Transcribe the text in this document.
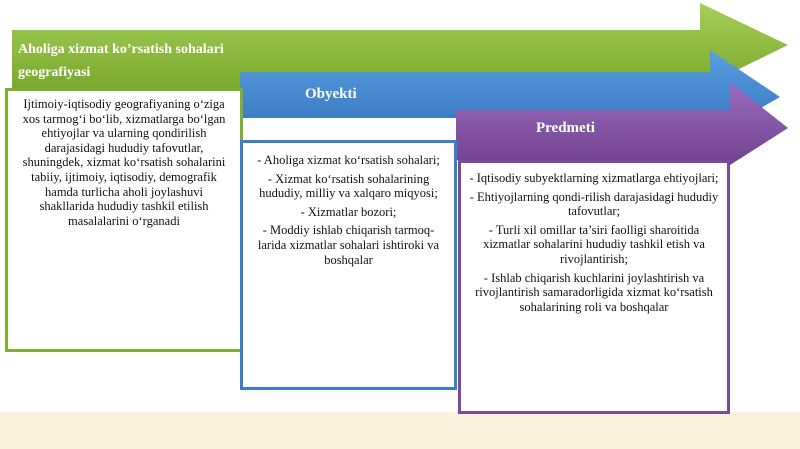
Aholiga xizmat ko’rsatish sohalari geografiyasi
Obyekti
Predmeti

Ijtimoiy-iqtisodiy geografiyaning o‘ziga xos tarmog‘i bo‘lib, xizmatlarga bo‘lgan ehtiyojlar va ularning qondirilish darajasidagi hududiy tafovutlar, shuningdek, xizmat ko‘rsatish sohalarini tabiiy, ijtimoiy, iqtisodiy, demografik hamda turlicha aholi joylashuvi shakllarida hududiy tashkil etilish masalalarini o‘rganadi

- Aholiga xizmat ko‘rsatish sohalari;

- Xizmat ko‘rsatish sohalarining hududiy, milliy va xalqaro miqyosi;

- Xizmatlar bozori;

- Moddiy ishlab chiqarish tarmoq-larida xizmatlar sohalari ishtiroki va boshqalar

- Iqtisodiy subyektlarning xizmatlarga ehtiyojlari;

- Ehtiyojlarning qondi-rilish darajasidagi hududiy tafovutlar;

- Turli xil omillar ta’siri faolligi sharoitida xizmatlar sohalarini hududiy tashkil etish va rivojlantirish;

- Ishlab chiqarish kuchlarini joylashtirish va rivojlantirish samaradorligida xizmat ko‘rsatish sohalarining roli va boshqalar
